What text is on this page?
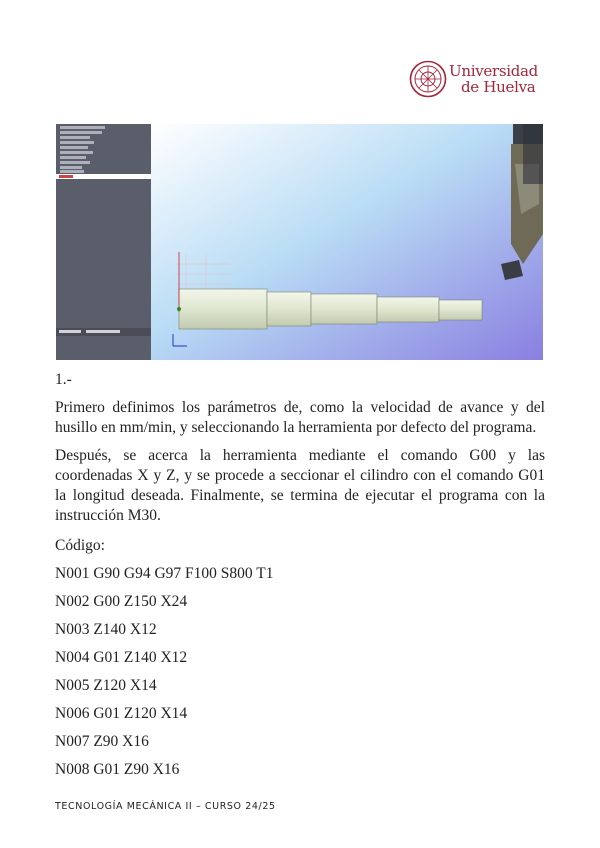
Universidad
de Huelva
1.-
Primero definimos los parámetros de, como la velocidad de avance y del husillo en mm/min, y seleccionando la herramienta por defecto del programa.
Después, se acerca la herramienta mediante el comando G00 y las coordenadas X y Z, y se procede a seccionar el cilindro con el comando G01 la longitud deseada. Finalmente, se termina de ejecutar el programa con la instrucción M30.
Código:
N001 G90 G94 G97 F100 S800 T1
N002 G00 Z150 X24
N003 Z140 X12
N004 G01 Z140 X12
N005 Z120 X14
N006 G01 Z120 X14
N007 Z90 X16
N008 G01 Z90 X16
TECNOLOGÍA MECÁNICA II – CURSO 24/25
